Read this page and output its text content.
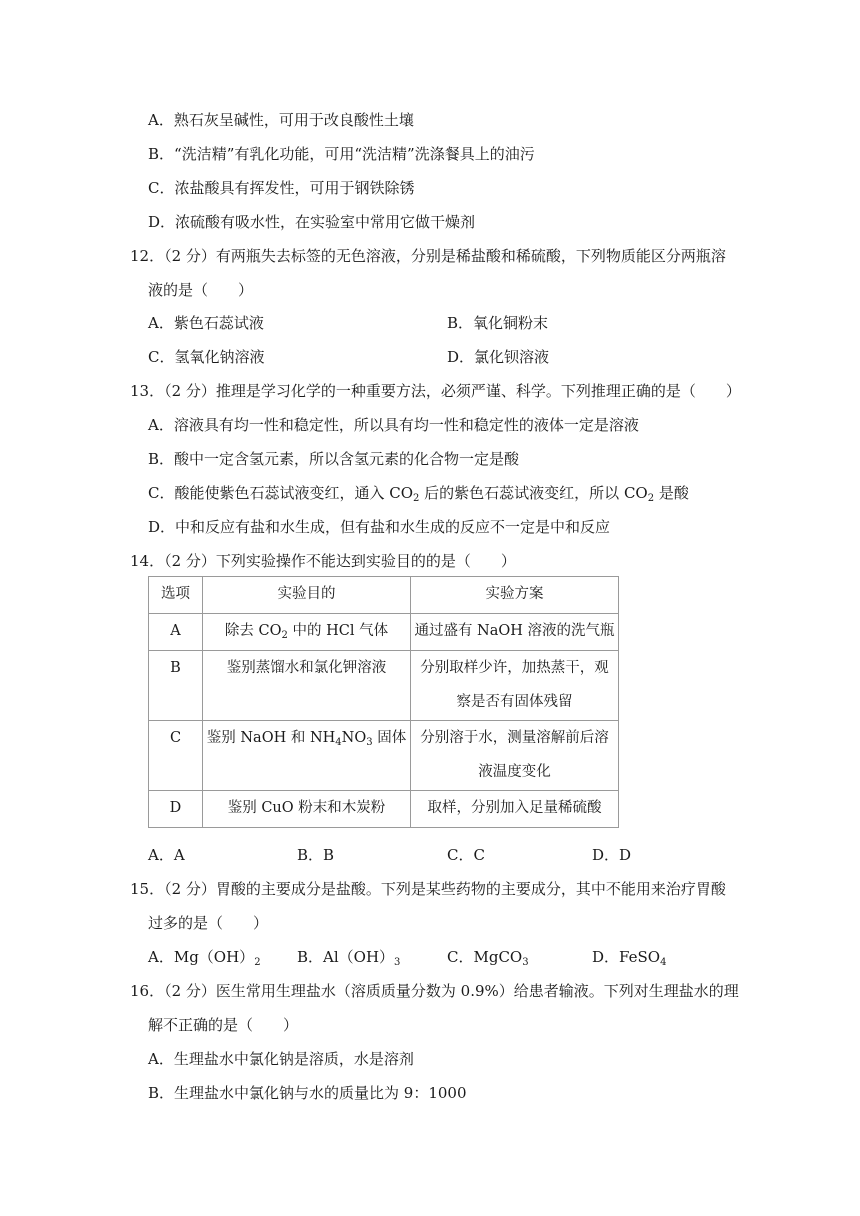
A．熟石灰呈碱性，可用于改良酸性土壤
B．“洗洁精”有乳化功能，可用“洗洁精”洗涤餐具上的油污
C．浓盐酸具有挥发性，可用于钢铁除锈
D．浓硫酸有吸水性，在实验室中常用它做干燥剂
12．（2 分）有两瓶失去标签的无色溶液，分别是稀盐酸和稀硫酸，下列物质能区分两瓶溶
液的是（　　）
A．紫色石蕊试液	B．氧化铜粉末
C．氢氧化钠溶液	D．氯化钡溶液
13．（2 分）推理是学习化学的一种重要方法，必须严谨、科学。下列推理正确的是（　　）
A．溶液具有均一性和稳定性，所以具有均一性和稳定性的液体一定是溶液
B．酸中一定含氢元素，所以含氢元素的化合物一定是酸
C．酸能使紫色石蕊试液变红，通入 $CO_2$ 后的紫色石蕊试液变红，所以 $CO_2$ 是酸
D．中和反应有盐和水生成，但有盐和水生成的反应不一定是中和反应
14．（2 分）下列实验操作不能达到实验目的的是（　　）
选项	实验目的	实验方案
A	除去 $CO_2$ 中的 HCl 气体	通过盛有 NaOH 溶液的洗气瓶
B	鉴别蒸馏水和氯化钾溶液	分别取样少许，加热蒸干，观
察是否有固体残留

C	鉴别 NaOH 和 $NH_4NO_3$ 固体	分别溶于水，测量溶解前后溶
液温度变化

D	鉴别 CuO 粉末和木炭粉	取样，分别加入足量稀硫酸
A．A	B．B	C．C	D．D
15．（2 分）胃酸的主要成分是盐酸。下列是某些药物的主要成分，其中不能用来治疗胃酸
过多的是（　　）
A．$Mg(OH)_2$ B．$Al(OH)_3$	C．MgCO$_3$	D．FeSO$_4$
16．（2 分）医生常用生理盐水（溶质质量分数为 0.9%）给患者输液。下列对生理盐水的理
解不正确的是（　　）
A．生理盐水中氯化钠是溶质，水是溶剂
B．生理盐水中氯化钠与水的质量比为 9：1000
